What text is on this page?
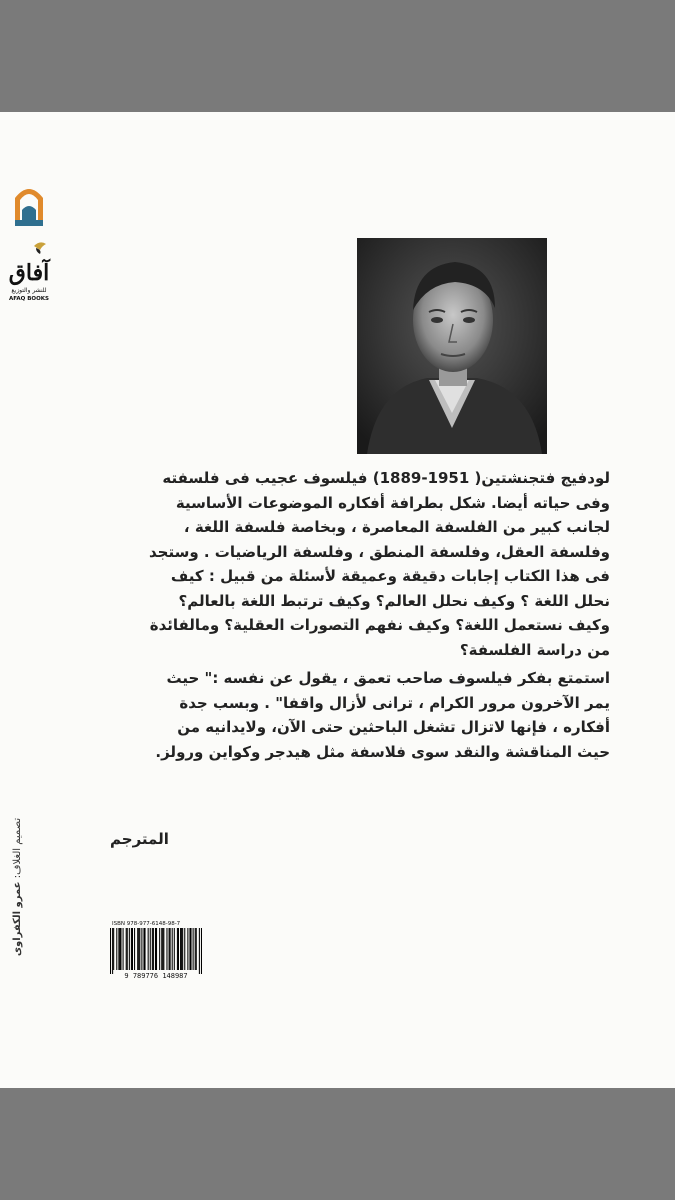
آفاق
للنشر والتوزيع
AFAQ BOOKS

لودفيج فتجنشتين( 1951-1889) فيلسوف عجيب فى فلسفته
وفى حياته أيضا. شكل بطرافة أفكاره الموضوعات الأساسية
لجانب كبير من الفلسفة المعاصرة ، وبخاصة فلسفة اللغة ،
وفلسفة العقل، وفلسفة المنطق ، وفلسفة الرياضيات . وستجد
فى هذا الكتاب إجابات دقيقة وعميقة لأسئلة من قبيل : كيف
نحلل اللغة ؟ وكيف نحلل العالم؟ وكيف ترتبط اللغة بالعالم؟
وكيف نستعمل اللغة؟ وكيف نفهم التصورات العقلية؟ ومالفائدة
من دراسة الفلسفة؟

استمتع بفكر فيلسوف صاحب تعمق ، يقول عن نفسه :" حيث
يمر الآخرون مرور الكرام ، ترانى لأزال واقفا" . وبسب جدة
أفكاره ، فإنها لاتزال تشغل الباحثين حتى الآن، ولايدانيه من
حيث المناقشة والنقد سوى فلاسفة مثل هيدجر وكواين ورولز.

المترجم
تصميم الغلاف: عمرو الكفراوى	ISBN 978-977-6148-98-7
9 789776 148987
